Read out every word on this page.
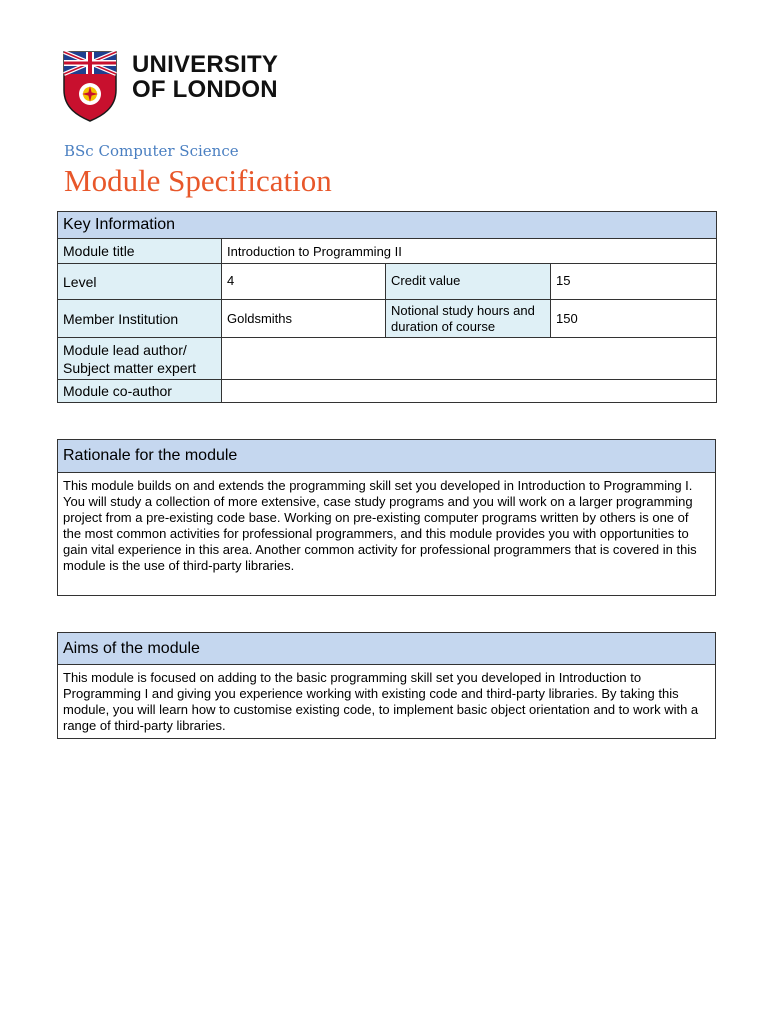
UNIVERSITY
OF LONDON
BSc Computer Science
Module Specification
Key Information			
Module title	Introduction to Programming II		
Level	4	Credit value	15
Member Institution	Goldsmiths	Notional study hours and duration of course	150
Module lead author/ Subject matter expert			
Module co-author			
Rationale for the module
This module builds on and extends the programming skill set you developed in Introduction to Programming I. You will study a collection of more extensive, case study programs and you will work on a larger programming project from a pre-existing code base. Working on pre-existing computer programs written by others is one of the most common activities for professional programmers, and this module provides you with opportunities to gain vital experience in this area. Another common activity for professional programmers that is covered in this module is the use of third-party libraries.
Aims of the module
This module is focused on adding to the basic programming skill set you developed in Introduction to Programming I and giving you experience working with existing code and third-party libraries. By taking this module, you will learn how to customise existing code, to implement basic object orientation and to work with a range of third-party libraries.
